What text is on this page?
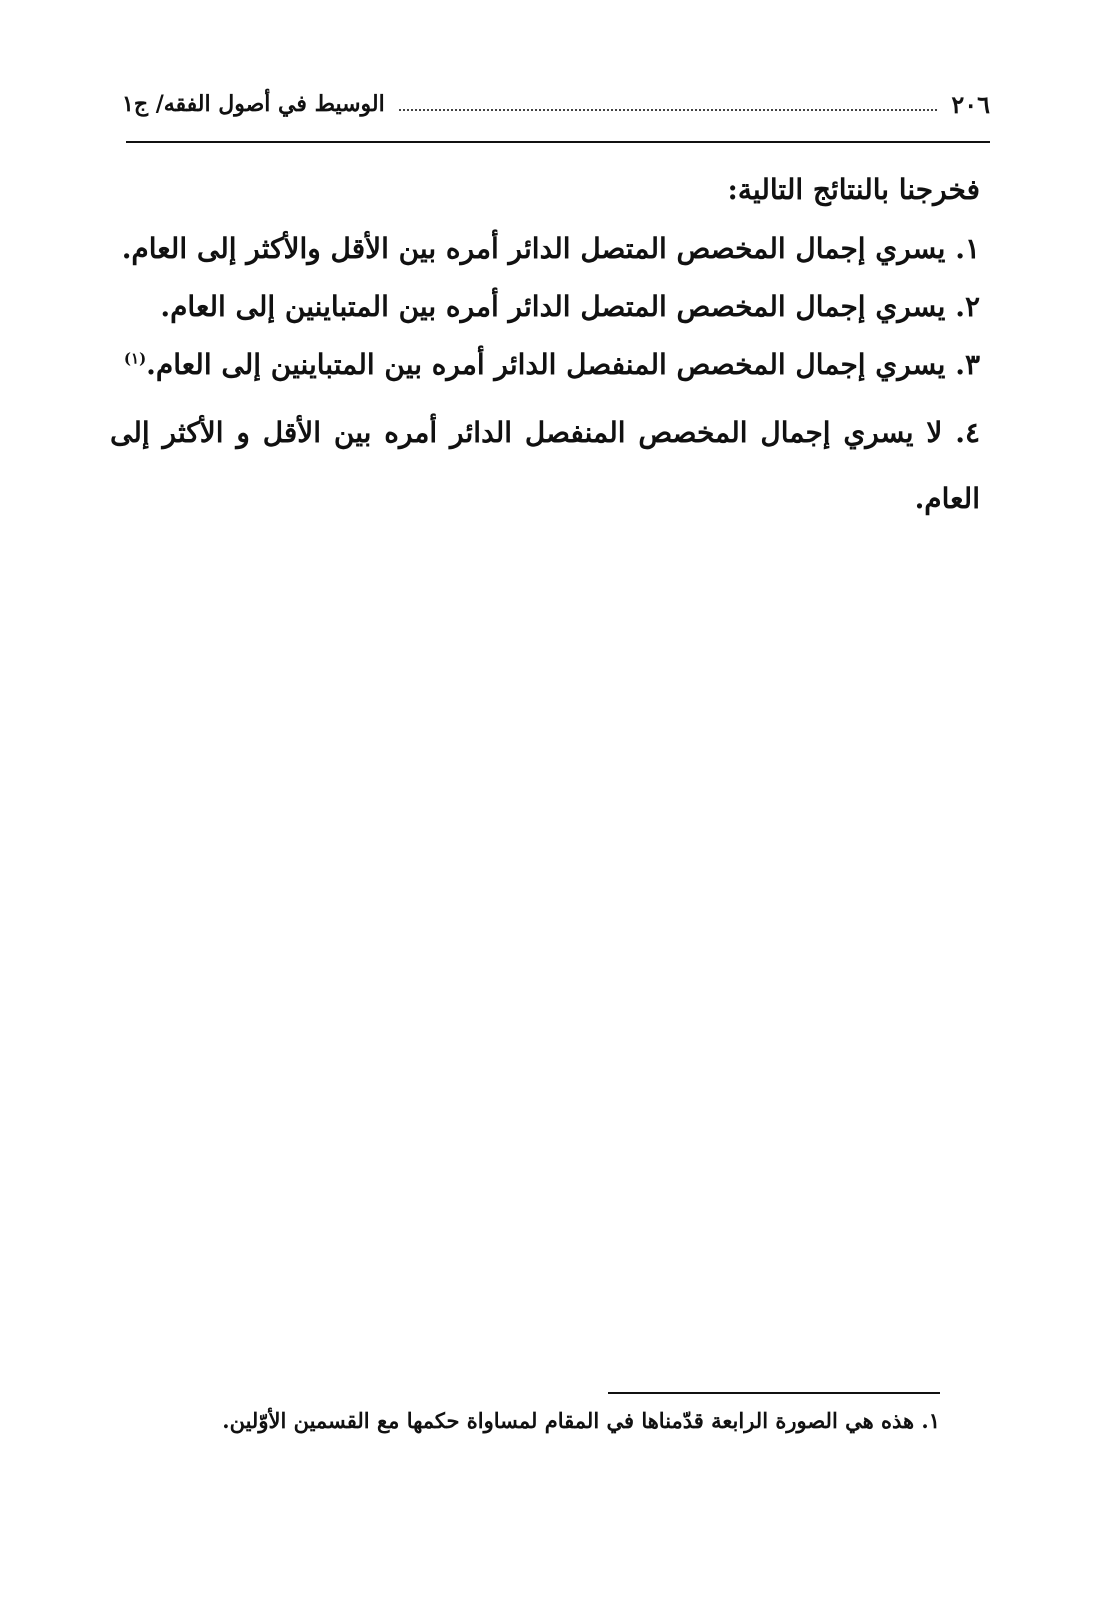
٢٠٦
الوسيط في أصول الفقه/ ج١

فخرجنا بالنتائج التالية:

١. يسري إجمال المخصص المتصل الدائر أمره بين الأقل والأكثر إلى العام.

٢. يسري إجمال المخصص المتصل الدائر أمره بين المتباينين إلى العام.

٣. يسري إجمال المخصص المنفصل الدائر أمره بين المتباينين إلى العام.$^{(١)}$

٤. لا يسري إجمال المخصص المنفصل الدائر أمره بين الأقل و الأكثر إلى العام.

١. هذه هي الصورة الرابعة قدّمناها في المقام لمساواة حكمها مع القسمين الأوّلين.
